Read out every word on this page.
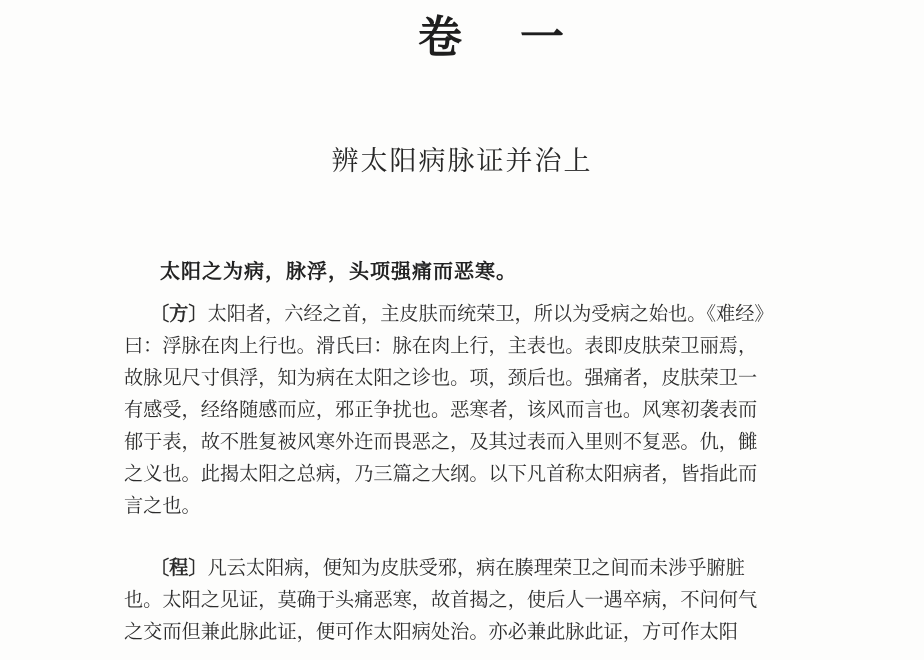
卷一
辨太阳病脉证并治上
太阳之为病，脉浮，头项强痛而恶寒。
〔方〕太阳者，六经之首，主皮肤而统荣卫，所以为受病之始也。《难经》
曰：浮脉在肉上行也。滑氏曰：脉在肉上行，主表也。表即皮肤荣卫丽焉，
故脉见尺寸俱浮，知为病在太阳之诊也。项，颈后也。强痛者，皮肤荣卫一
有感受，经络随感而应，邪正争扰也。恶寒者，该风而言也。风寒初袭表而
郁于表，故不胜复被风寒外迕而畏恶之，及其过表而入里则不复恶。仇，雠
之义也。此揭太阳之总病，乃三篇之大纲。以下凡首称太阳病者，皆指此而
言之也。
〔程〕凡云太阳病，便知为皮肤受邪，病在腠理荣卫之间而未涉乎腑脏
也。太阳之见证，莫确于头痛恶寒，故首揭之，使后人一遇卒病，不问何气
之交而但兼此脉此证，便可作太阳病处治。亦必兼此脉此证，方可作太阳
